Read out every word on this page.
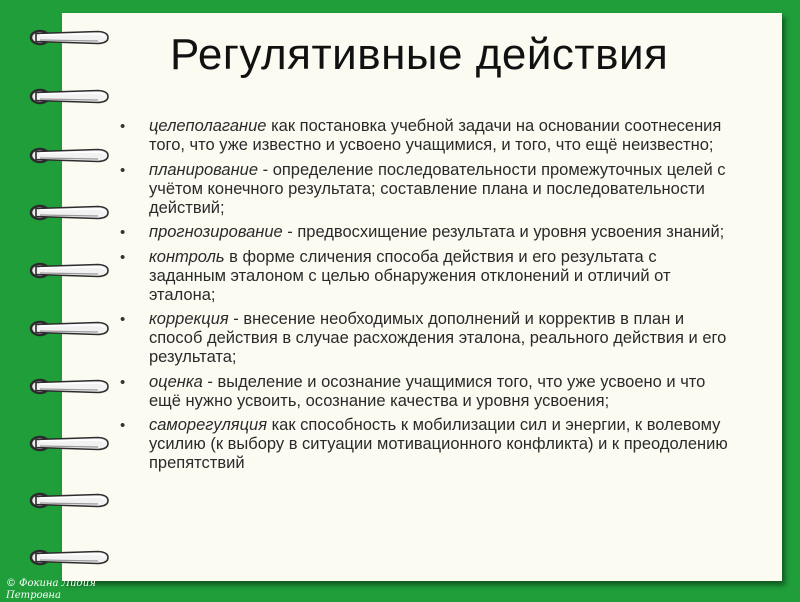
Регулятивные действия
• целеполагание как постановка учебной задачи на основании соотнесения того, что уже известно и усвоено учащимися, и того, что ещё неизвестно;
• планирование - определение последовательности промежуточных целей с учётом конечного результата; составление плана и последовательности действий;
• прогнозирование - предвосхищение результата и уровня усвоения знаний;
• контроль в форме сличения способа действия и его результата с заданным эталоном с целью обнаружения отклонений и отличий от эталона;
• коррекция - внесение необходимых дополнений и корректив в план и способ действия в случае расхождения эталона, реального действия и его результата;
• оценка - выделение и осознание учащимися того, что уже усвоено и что ещё нужно усвоить, осознание качества и уровня усвоения;
• саморегуляция как способность к мобилизации сил и энергии, к волевому усилию (к выбору в ситуации мотивационного конфликта) и к преодолению препятствий
© Фокина Лидия
Петровна
